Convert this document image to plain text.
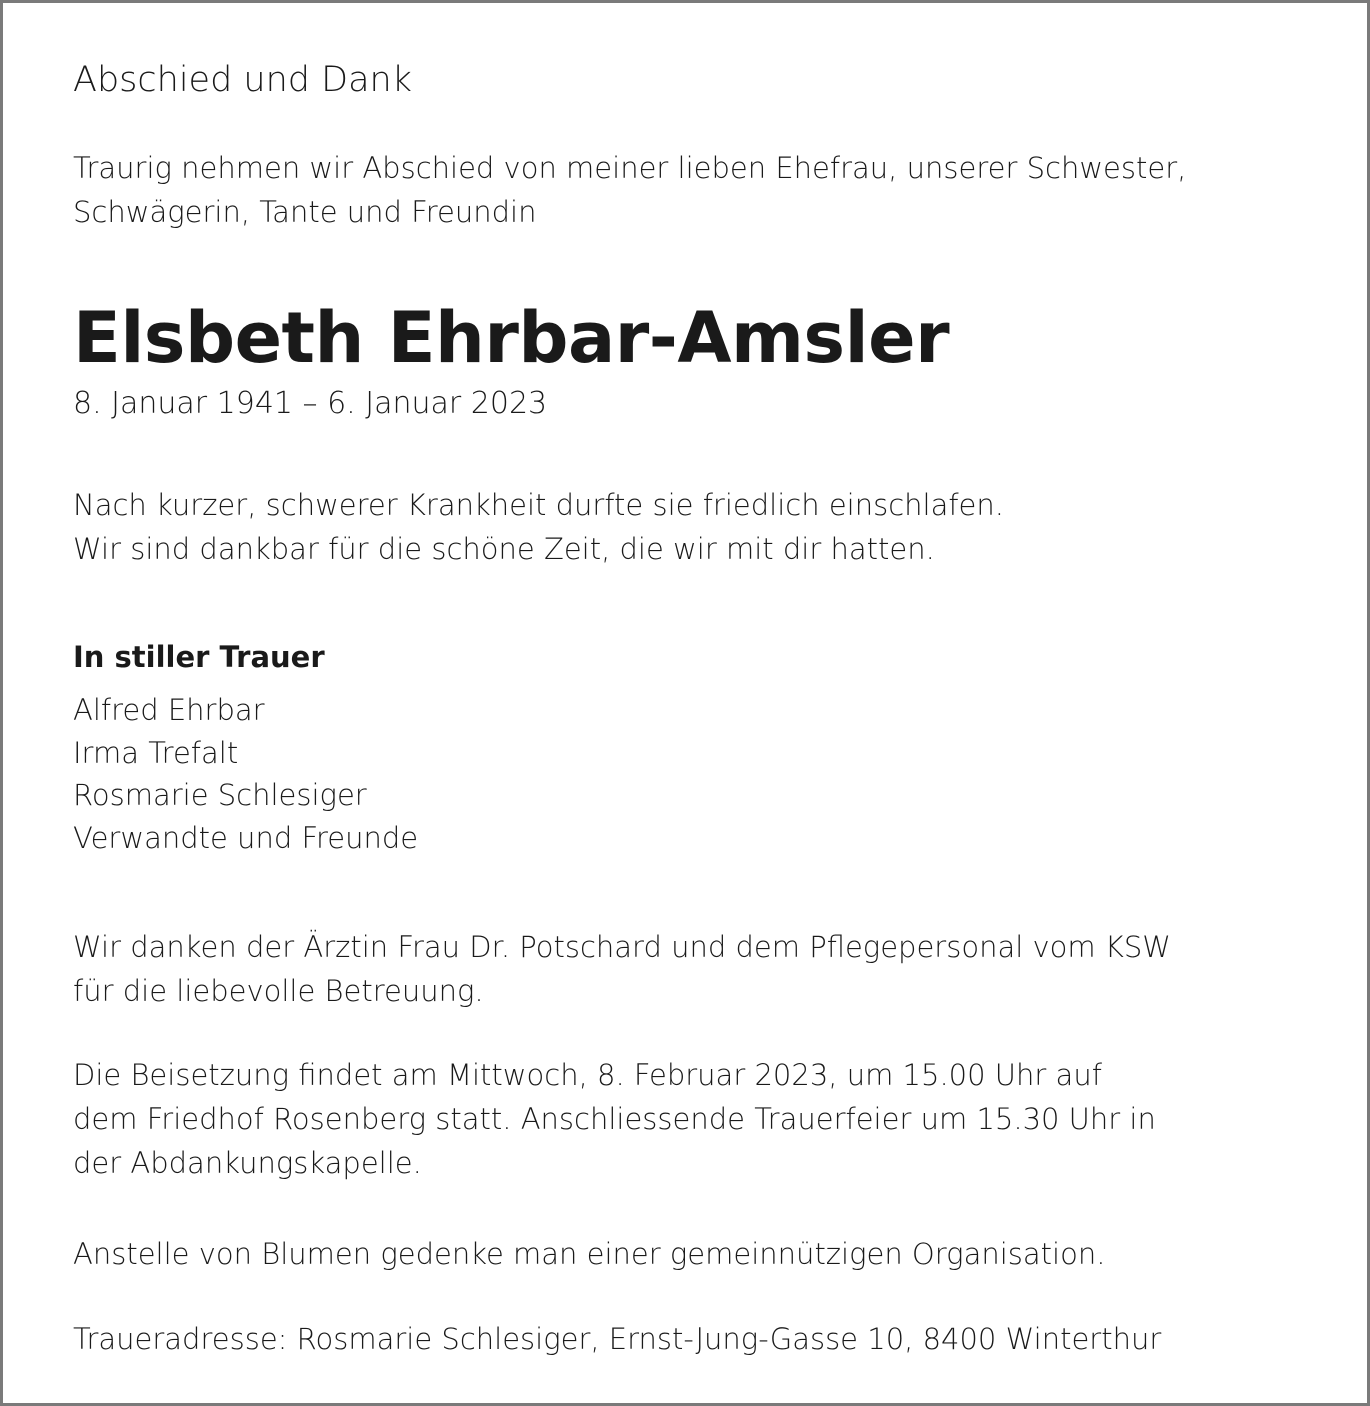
Abschied und Dank

Traurig nehmen wir Abschied von meiner lieben Ehefrau, unserer Schwester,
Schwägerin, Tante und Freundin

Elsbeth Ehrbar-Amsler

8. Januar 1941 – 6. Januar 2023

Nach kurzer, schwerer Krankheit durfte sie friedlich einschlafen.
Wir sind dankbar für die schöne Zeit, die wir mit dir hatten.

In stiller Trauer

Alfred Ehrbar
Irma Trefalt
Rosmarie Schlesiger
Verwandte und Freunde

Wir danken der Ärztin Frau Dr. Potschard und dem Pflegepersonal vom KSW
für die liebevolle Betreuung.

Die Beisetzung findet am Mittwoch, 8. Februar 2023, um 15.00 Uhr auf
dem Friedhof Rosenberg statt. Anschliessende Trauerfeier um 15.30 Uhr in
der Abdankungskapelle.

Anstelle von Blumen gedenke man einer gemeinnützigen Organisation.

Traueradresse: Rosmarie Schlesiger, Ernst-Jung-Gasse 10, 8400 Winterthur
